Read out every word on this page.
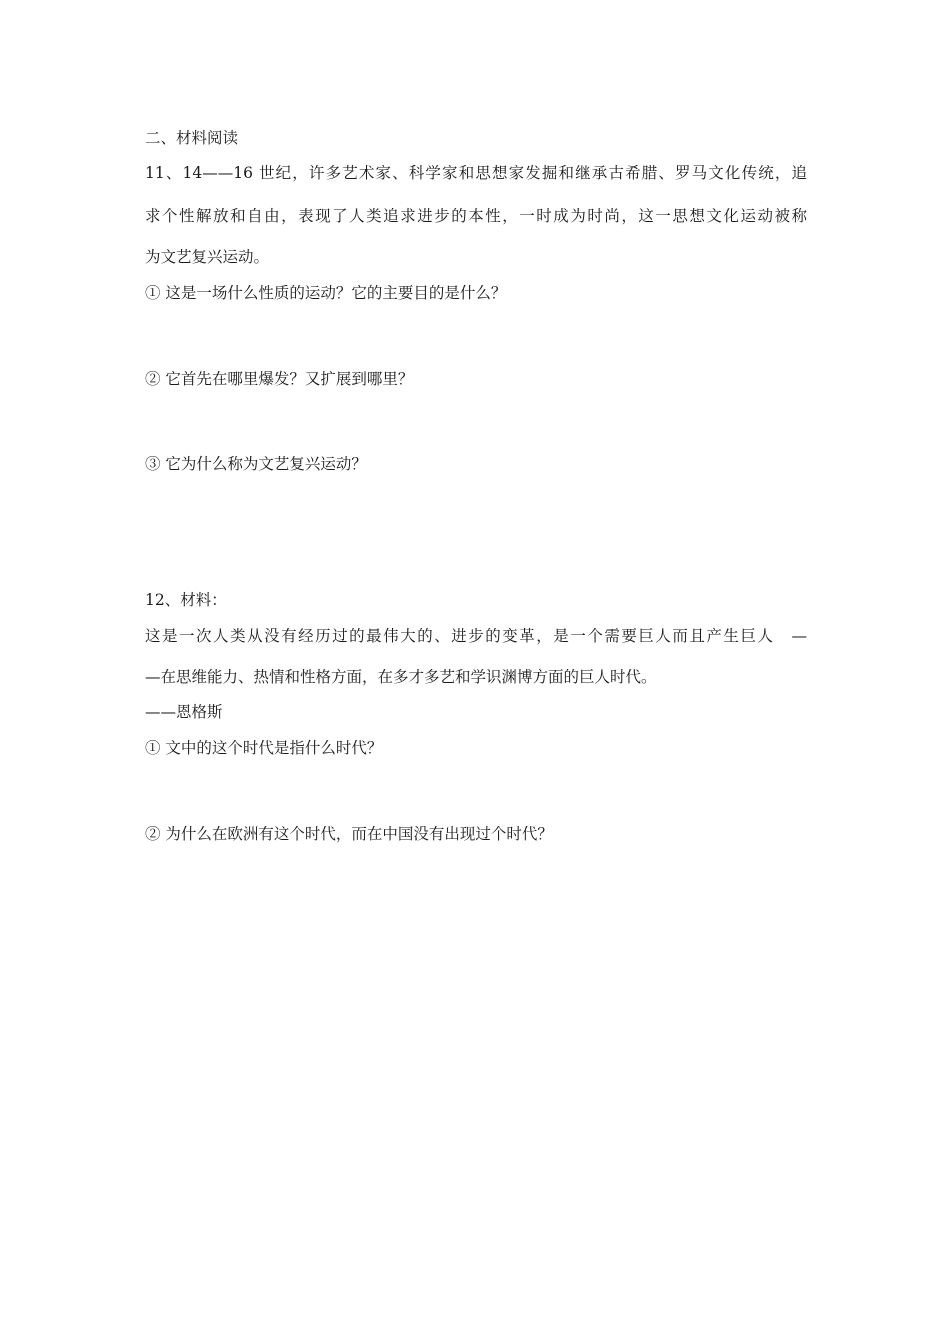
二、材料阅读
11、14——16 世纪，许多艺术家、科学家和思想家发掘和继承古希腊、罗马文化传统，追
求个性解放和自由，表现了人类追求进步的本性，一时成为时尚，这一思想文化运动被称
为文艺复兴运动。
① 这是一场什么性质的运动？它的主要目的是什么？
② 它首先在哪里爆发？又扩展到哪里？
③ 它为什么称为文艺复兴运动？
12、材料：
这是一次人类从没有经历过的最伟大的、进步的变革，是一个需要巨人而且产生巨人　—
—在思维能力、热情和性格方面，在多才多艺和学识渊博方面的巨人时代。
——恩格斯
① 文中的这个时代是指什么时代？
② 为什么在欧洲有这个时代，而在中国没有出现过个时代？
